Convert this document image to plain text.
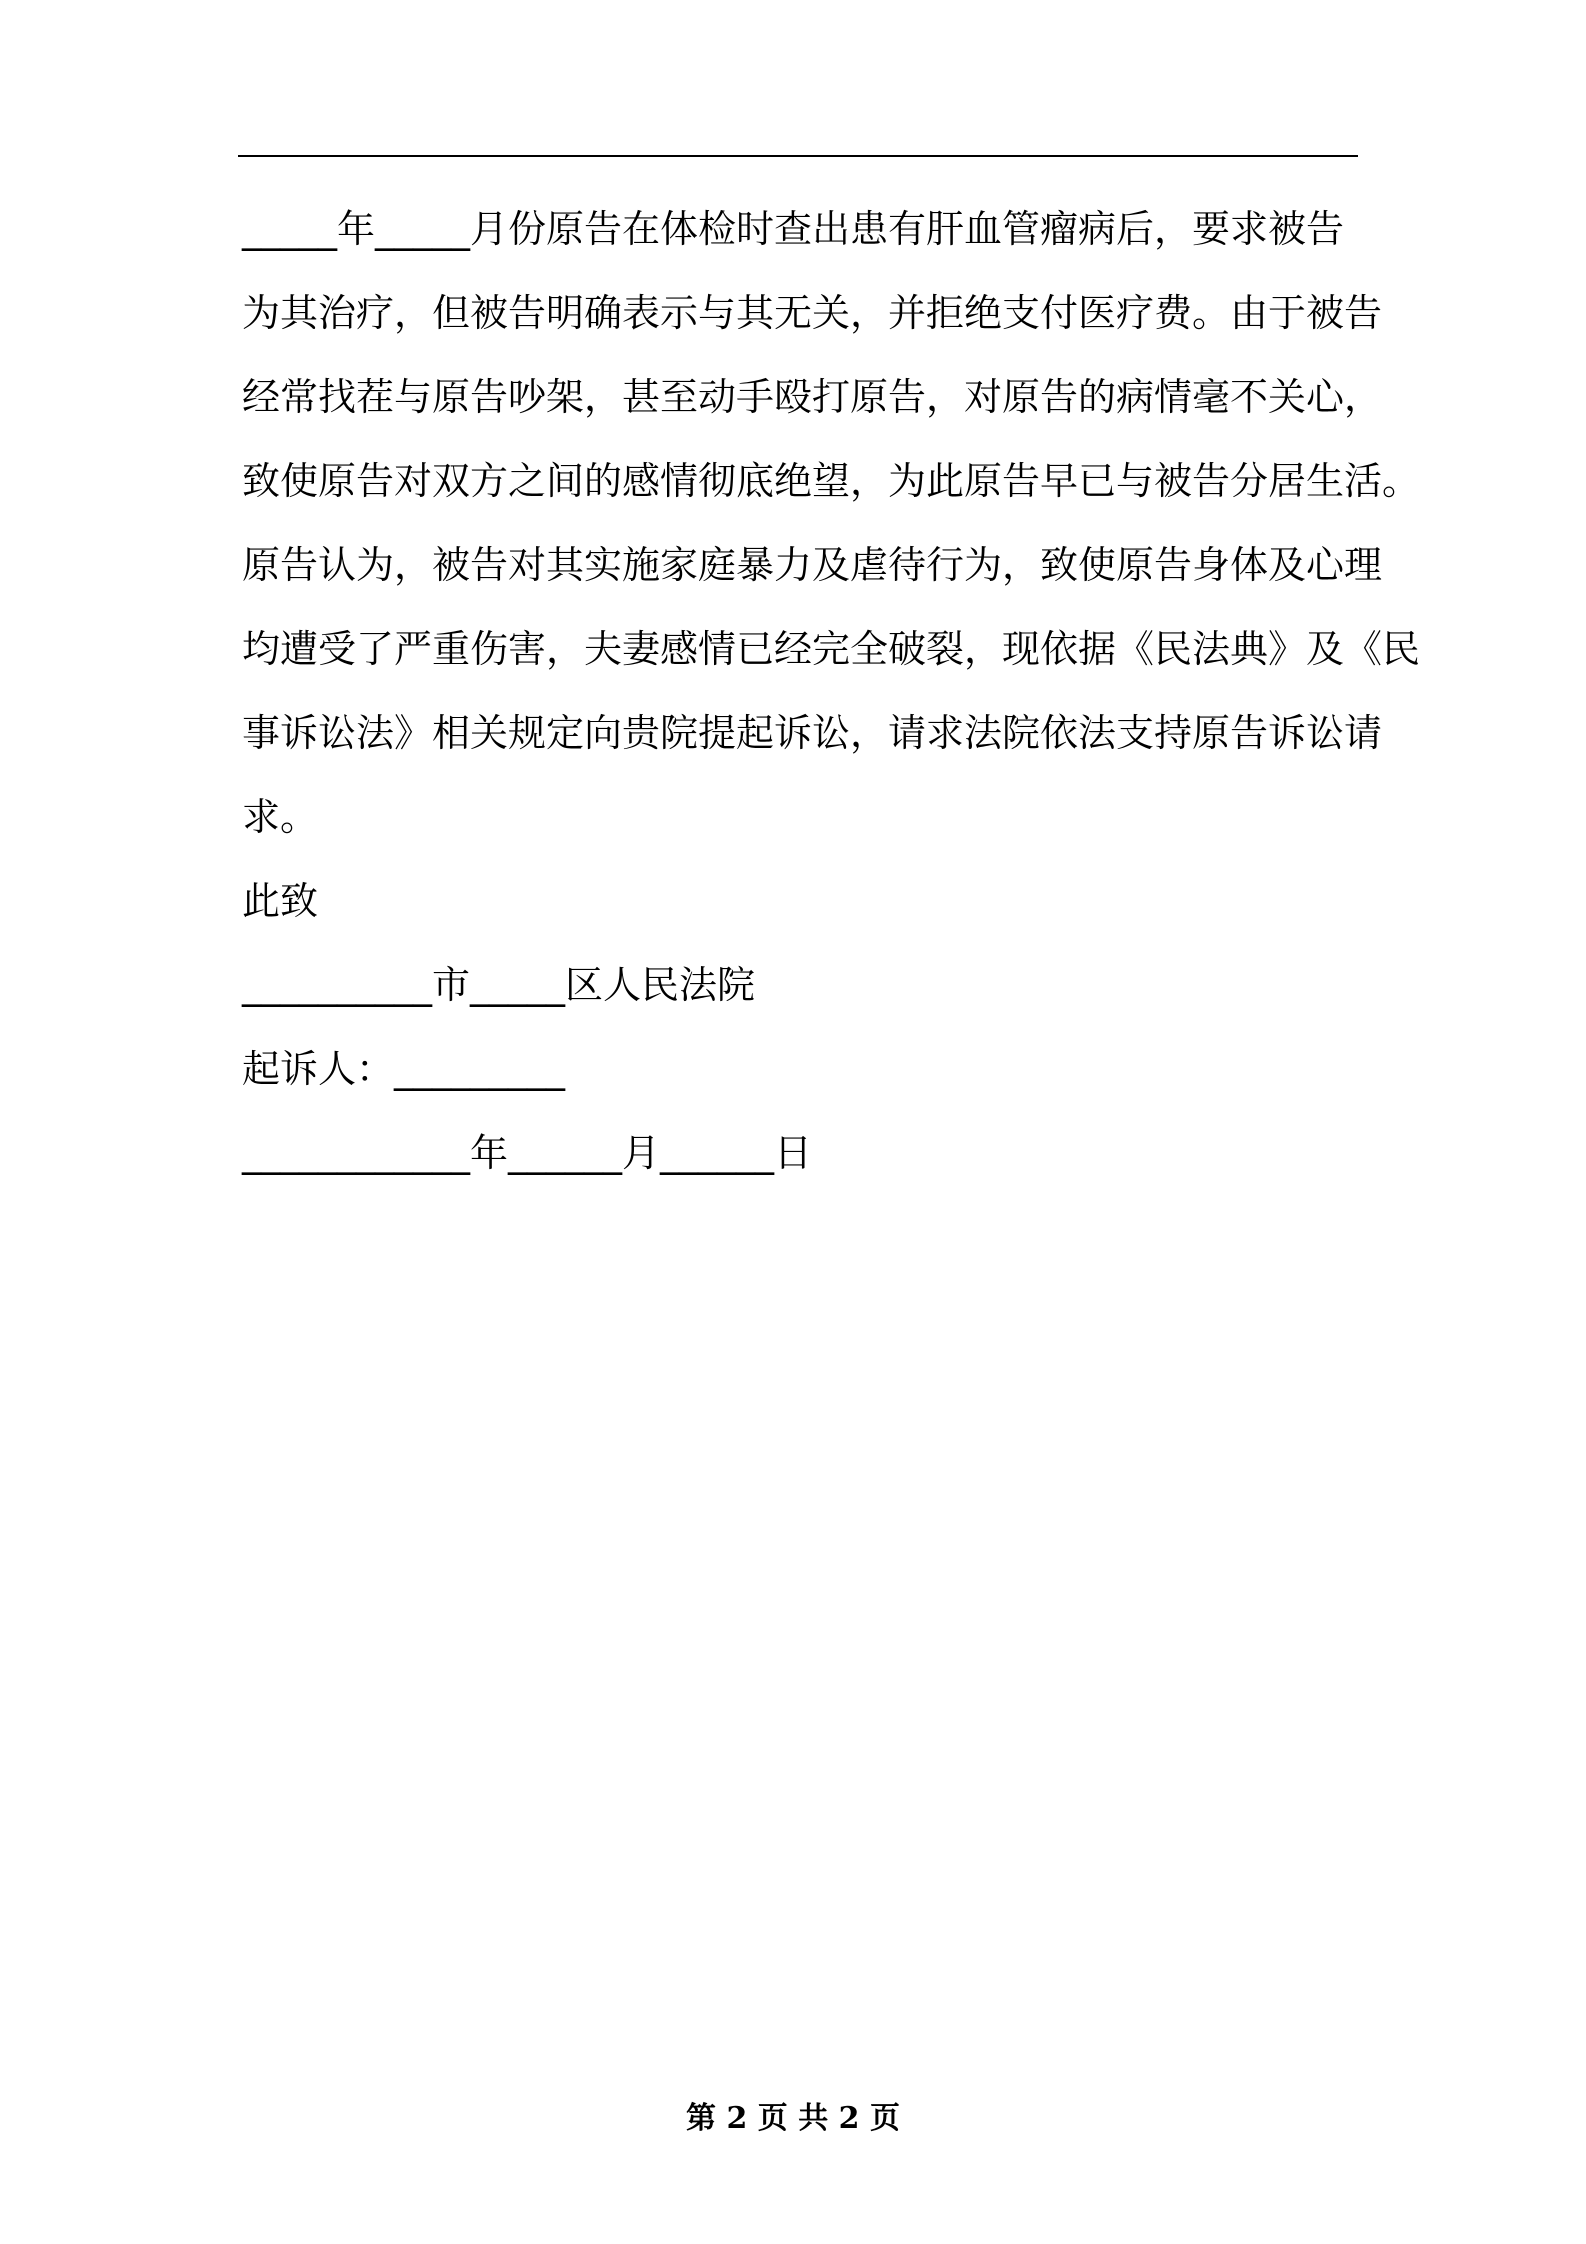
_____年_____月份原告在体检时查出患有肝血管瘤病后，要求被告
为其治疗，但被告明确表示与其无关，并拒绝支付医疗费。由于被告
经常找茬与原告吵架，甚至动手殴打原告，对原告的病情毫不关心，
致使原告对双方之间的感情彻底绝望，为此原告早已与被告分居生活。
原告认为，被告对其实施家庭暴力及虐待行为，致使原告身体及心理
均遭受了严重伤害，夫妻感情已经完全破裂，现依据《民法典》及《民
事诉讼法》相关规定向贵院提起诉讼，请求法院依法支持原告诉讼请
求。
此致
__________市_____区人民法院
起诉人：_________
____________年______月______日
第 2 页 共 2 页
